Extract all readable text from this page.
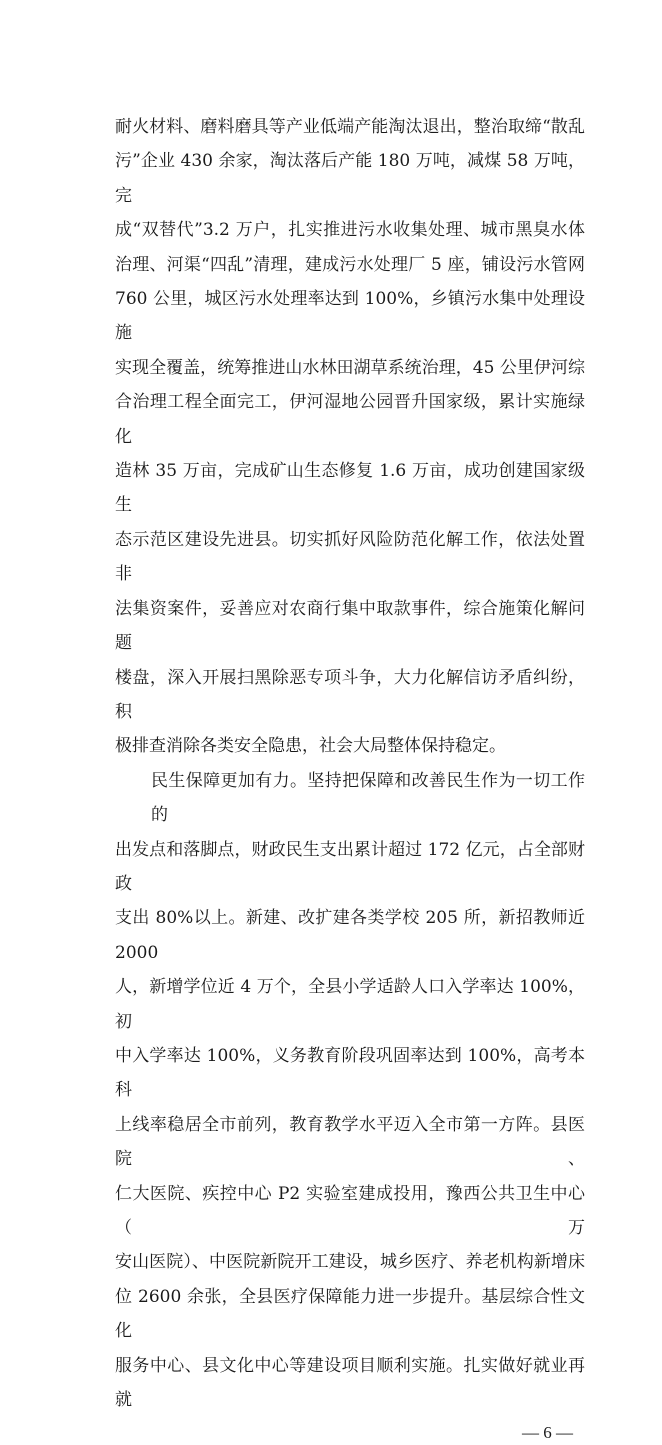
耐火材料、磨料磨具等产业低端产能淘汰退出，整治取缔“散乱
污”企业 430 余家，淘汰落后产能 180 万吨，减煤 58 万吨，完
成“双替代”3.2 万户，扎实推进污水收集处理、城市黑臭水体
治理、河渠“四乱”清理，建成污水处理厂 5 座，铺设污水管网
760 公里，城区污水处理率达到 100%，乡镇污水集中处理设施
实现全覆盖，统筹推进山水林田湖草系统治理，45 公里伊河综
合治理工程全面完工，伊河湿地公园晋升国家级，累计实施绿化
造林 35 万亩，完成矿山生态修复 1.6 万亩，成功创建国家级生
态示范区建设先进县。切实抓好风险防范化解工作，依法处置非
法集资案件，妥善应对农商行集中取款事件，综合施策化解问题
楼盘，深入开展扫黑除恶专项斗争，大力化解信访矛盾纠纷，积
极排查消除各类安全隐患，社会大局整体保持稳定。
民生保障更加有力。坚持把保障和改善民生作为一切工作的
出发点和落脚点，财政民生支出累计超过 172 亿元，占全部财政
支出 80%以上。新建、改扩建各类学校 205 所，新招教师近 2000
人，新增学位近 4 万个，全县小学适龄人口入学率达 100%，初
中入学率达 100%，义务教育阶段巩固率达到 100%，高考本科
上线率稳居全市前列，教育教学水平迈入全市第一方阵。县医院、
仁大医院、疾控中心 P2 实验室建成投用，豫西公共卫生中心（万
安山医院）、中医院新院开工建设，城乡医疗、养老机构新增床
位 2600 余张，全县医疗保障能力进一步提升。基层综合性文化
服务中心、县文化中心等建设项目顺利实施。扎实做好就业再就
— 6 —
